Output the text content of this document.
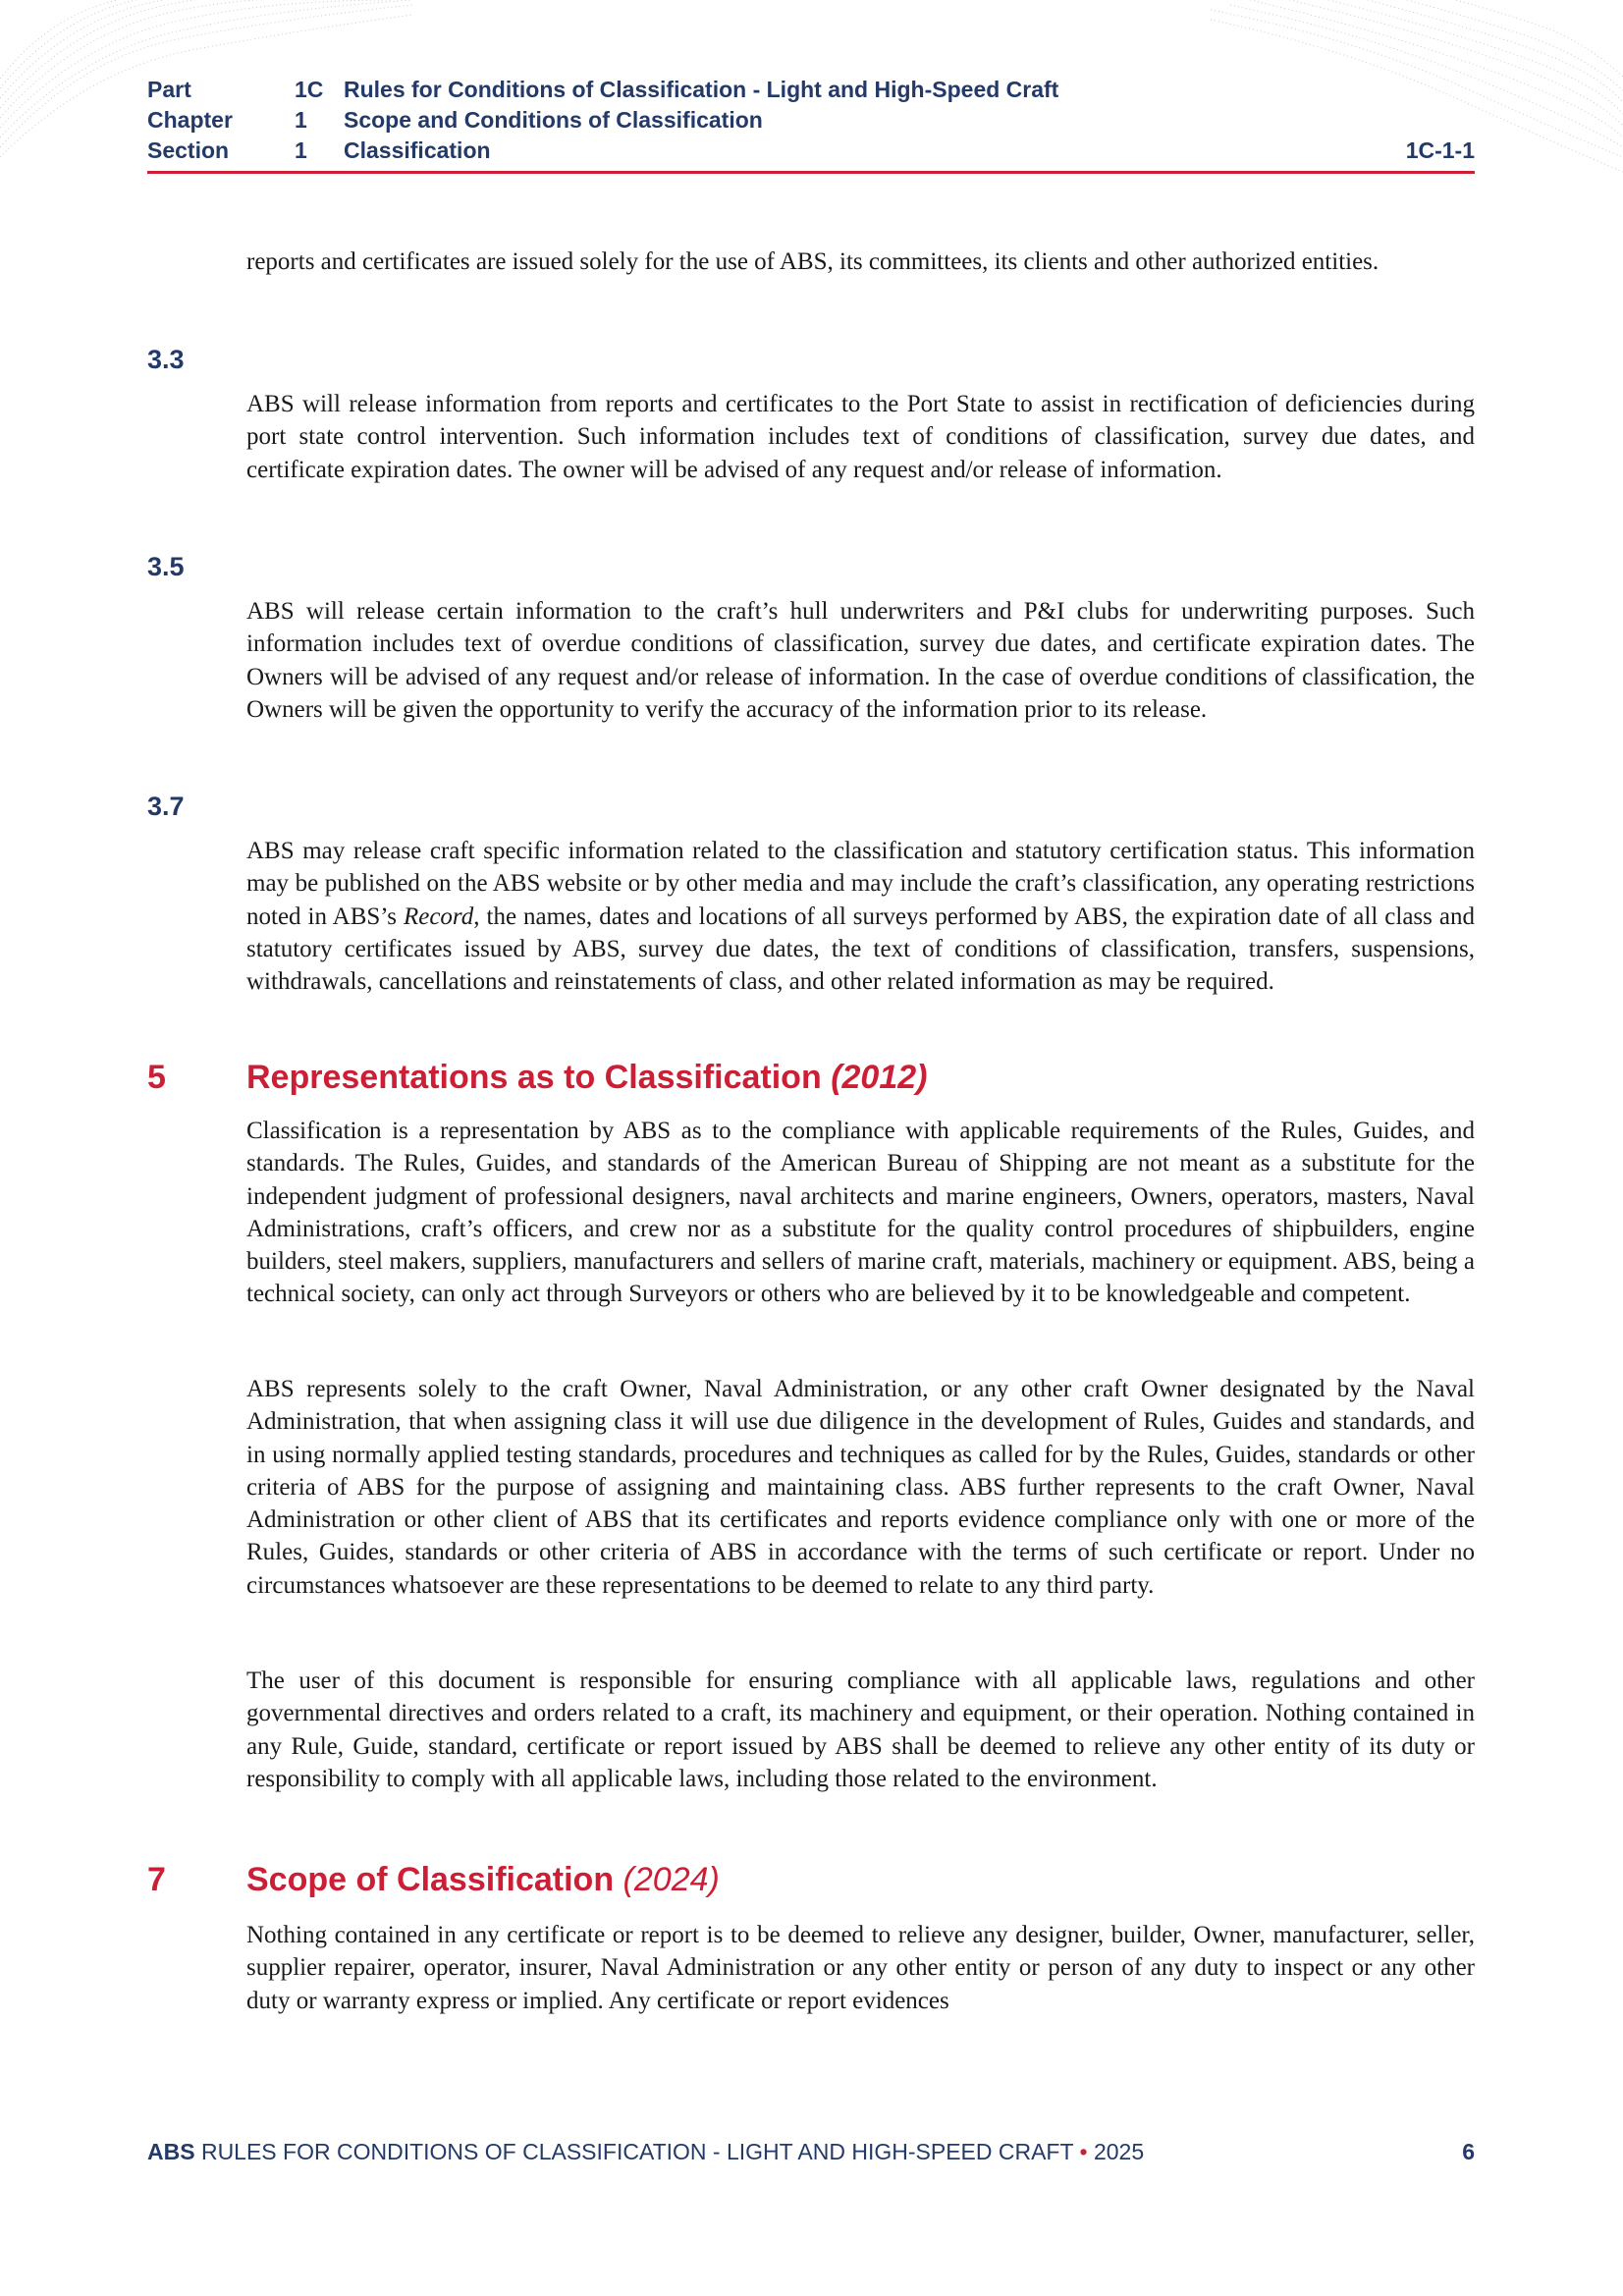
Part	1C Rules for Conditions of Classification - Light and High-Speed Craft
Chapter	1	Scope and Conditions of Classification
Section	1	Classification	1C-1-1

reports and certificates are issued solely for the use of ABS, its committees, its clients and other authorized entities.

3.3

ABS will release information from reports and certificates to the Port State to assist in rectification of deficiencies during port state control intervention. Such information includes text of conditions of classification, survey due dates, and certificate expiration dates. The owner will be advised of any request and/or release of information.

3.5

ABS will release certain information to the craft’s hull underwriters and P&I clubs for underwriting purposes. Such information includes text of overdue conditions of classification, survey due dates, and certificate expiration dates. The Owners will be advised of any request and/or release of information. In the case of overdue conditions of classification, the Owners will be given the opportunity to verify the accuracy of the information prior to its release.

3.7

ABS may release craft specific information related to the classification and statutory certification status. This information may be published on the ABS website or by other media and may include the craft’s classification, any operating restrictions noted in ABS’s Record, the names, dates and locations of all surveys performed by ABS, the expiration date of all class and statutory certificates issued by ABS, survey due dates, the text of conditions of classification, transfers, suspensions, withdrawals, cancellations and reinstatements of class, and other related information as may be required.

5 Representations as to Classification (2012)

Classification is a representation by ABS as to the compliance with applicable requirements of the Rules, Guides, and standards. The Rules, Guides, and standards of the American Bureau of Shipping are not meant as a substitute for the independent judgment of professional designers, naval architects and marine engineers, Owners, operators, masters, Naval Administrations, craft’s officers, and crew nor as a substitute for the quality control procedures of shipbuilders, engine builders, steel makers, suppliers, manufacturers and sellers of marine craft, materials, machinery or equipment. ABS, being a technical society, can only act through Surveyors or others who are believed by it to be knowledgeable and competent.

ABS represents solely to the craft Owner, Naval Administration, or any other craft Owner designated by the Naval Administration, that when assigning class it will use due diligence in the development of Rules, Guides and standards, and in using normally applied testing standards, procedures and techniques as called for by the Rules, Guides, standards or other criteria of ABS for the purpose of assigning and maintaining class. ABS further represents to the craft Owner, Naval Administration or other client of ABS that its certificates and reports evidence compliance only with one or more of the Rules, Guides, standards or other criteria of ABS in accordance with the terms of such certificate or report. Under no circumstances whatsoever are these representations to be deemed to relate to any third party.

The user of this document is responsible for ensuring compliance with all applicable laws, regulations and other governmental directives and orders related to a craft, its machinery and equipment, or their operation. Nothing contained in any Rule, Guide, standard, certificate or report issued by ABS shall be deemed to relieve any other entity of its duty or responsibility to comply with all applicable laws, including those related to the environment.

7 Scope of Classification (2024)

Nothing contained in any certificate or report is to be deemed to relieve any designer, builder, Owner, manufacturer, seller, supplier repairer, operator, insurer, Naval Administration or any other entity or person of any duty to inspect or any other duty or warranty express or implied. Any certificate or report evidences

ABS RULES FOR CONDITIONS OF CLASSIFICATION - LIGHT AND HIGH-SPEED CRAFT • 2025	6
